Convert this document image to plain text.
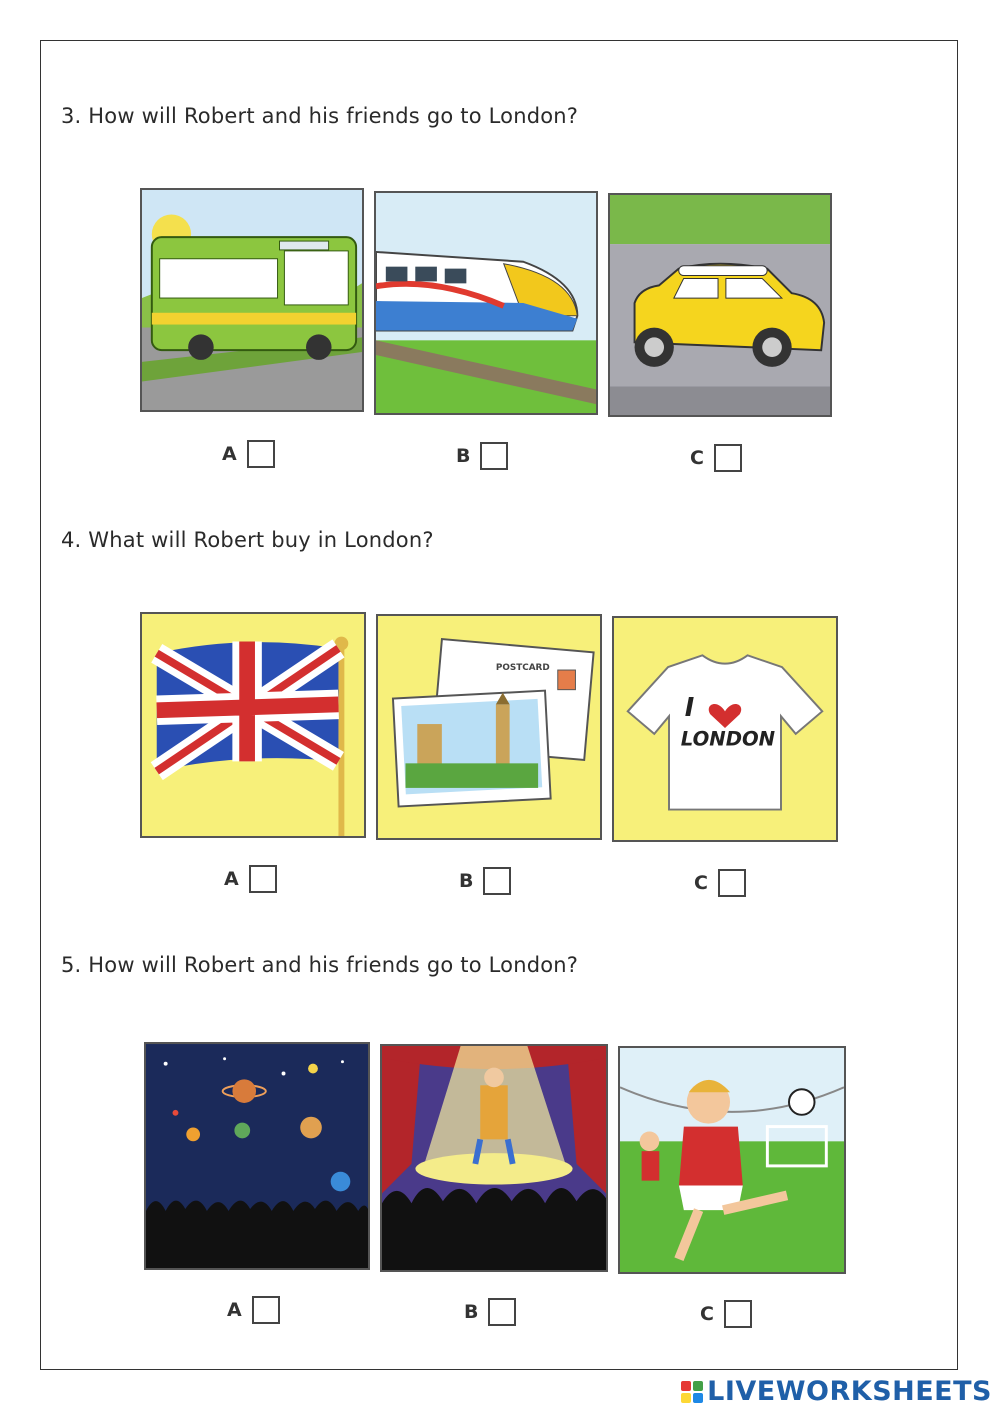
3. How will Robert and his friends go to London?
A	B	C
4. What will Robert buy in London?
POSTCARD
I
LONDON
A	B	C
5. How will Robert and his friends go to London?
A	B	C
LIVEWORKSHEETS
